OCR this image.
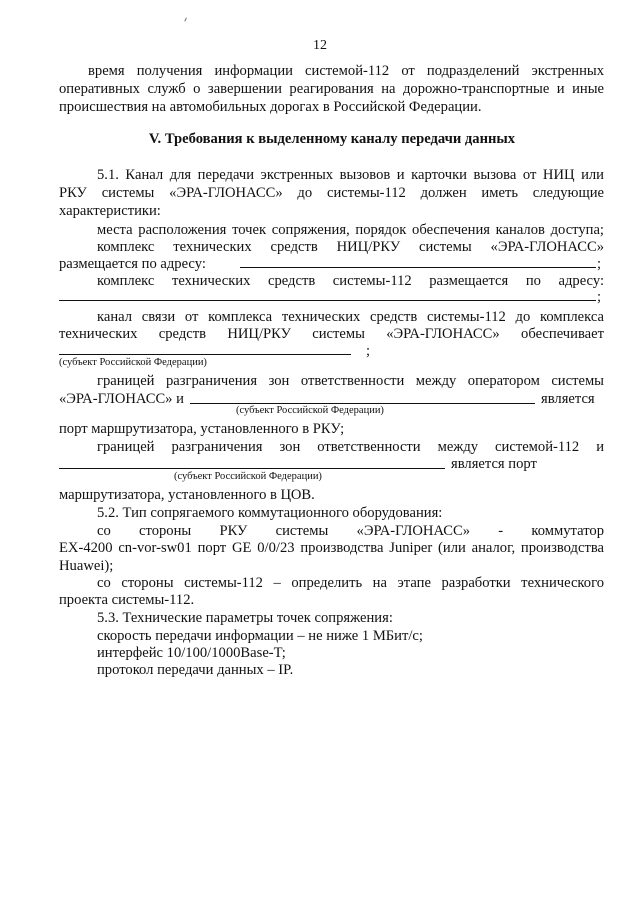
12
время получения информации системой-112 от подразделений экстренных
оперативных служб о завершении реагирования на дорожно-транспортные и иные
происшествия на автомобильных дорогах в Российской Федерации.
V. Требования к выделенному каналу передачи данных
5.1. Канал для передачи экстренных вызовов и карточки вызова от НИЦ или
РКУ системы «ЭРА-ГЛОНАСС» до системы-112 должен иметь следующие
характеристики:
места расположения точек сопряжения, порядок обеспечения каналов доступа;
комплекс технических средств НИЦ/РКУ системы «ЭРА-ГЛОНАСС»
размещается по адресу:	;
комплекс технических средств системы-112 размещается по адресу:
;
канал связи от комплекса технических средств системы-112 до комплекса
технических средств НИЦ/РКУ системы «ЭРА-ГЛОНАСС» обеспечивает
;
(субъект Российской Федерации)
границей разграничения зон ответственности между оператором системы
«ЭРА-ГЛОНАСС» и	является
(субъект Российской Федерации)
порт маршрутизатора, установленного в РКУ;
границей разграничения зон ответственности между системой-112 и
является порт
(субъект Российской Федерации)
маршрутизатора, установленного в ЦОВ.
5.2. Тип сопрягаемого коммутационного оборудования:
со стороны РКУ системы «ЭРА-ГЛОНАСС» - коммутатор
EX-4200 cn-vor-sw01 порт GE 0/0/23 производства Juniper (или аналог, производства
Huawei);
со стороны системы-112 – определить на этапе разработки технического
проекта системы-112.
5.3. Технические параметры точек сопряжения:
скорость передачи информации – не ниже 1 МБит/с;
интерфейс 10/100/1000Base-T;
протокол передачи данных – IP.
